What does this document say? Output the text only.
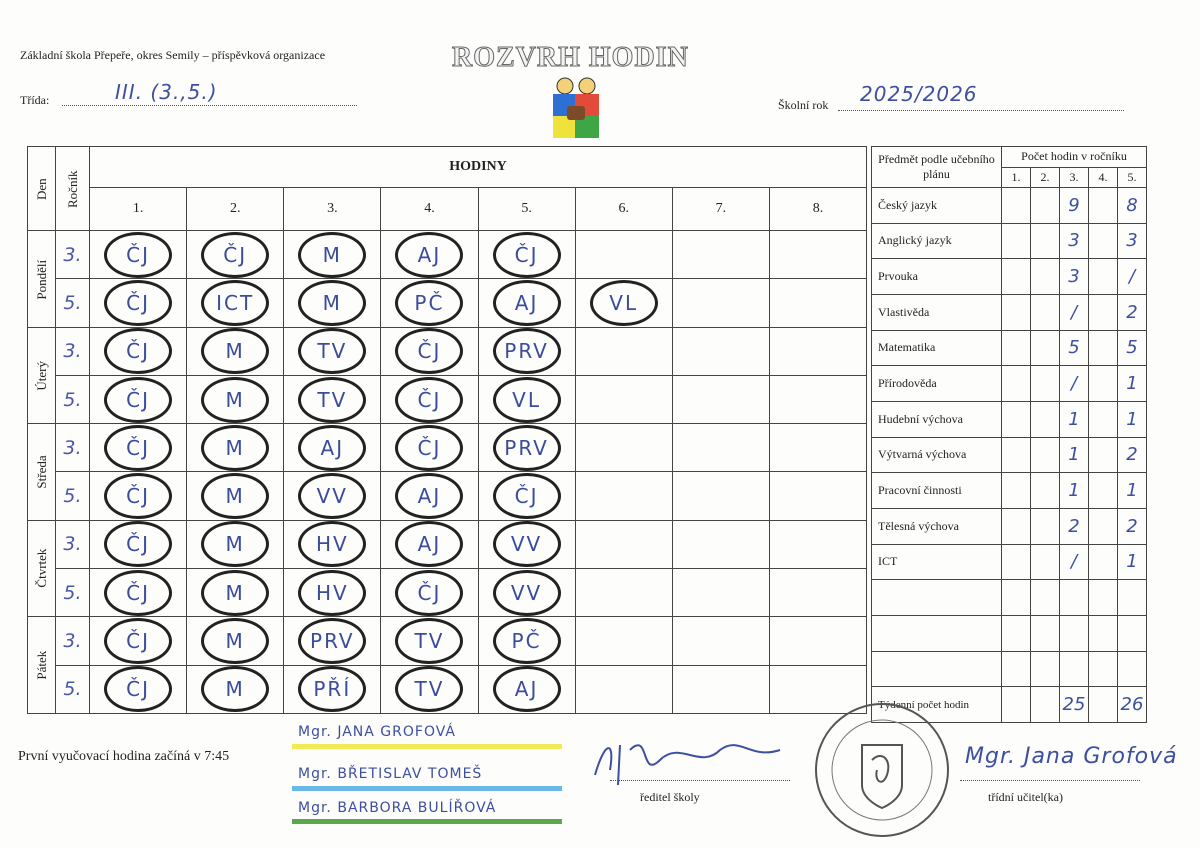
Základní škola Přepeře, okres Semily – příspěvková organizace
Třída:	III. (3.,5.)
ROZVRH HODIN
Školní rok 2025/2026
Den	Ročník	HODINY							
		1.	2.	3.	4.	5.	6.	7.	8.
Pondělí	3.	ČJ	ČJ	M	AJ	ČJ			
	5.	ČJ	ICT	M	PČ	AJ	VL		
Úterý	3.	ČJ	M	TV	ČJ	PRV			
	5.	ČJ	M	TV	ČJ	VL			
Středa	3.	ČJ	M	AJ	ČJ	PRV			
	5.	ČJ	M	VV	AJ	ČJ			
Čtvrtek	3.	ČJ	M	HV	AJ	VV			
	5.	ČJ	M	HV	ČJ	VV			
Pátek	3.	ČJ	M	PRV	TV	PČ			
	5.	ČJ	M	PŘÍ	TV	AJ			
Předmět podle učebního plánu	Počet hodin v ročníku				
	1.	2.	3.	4.	5.
Český jazyk			9		8
Anglický jazyk			3		3
Prvouka			3		/
Vlastivěda			/		2
Matematika			5		5
Přírodověda			/		1
Hudební výchova			1		1
Výtvarná výchova			1		2
Pracovní činnosti			1		1
Tělesná výchova			2		2
ICT			/		1

Týdenní počet hodin			25		26
První vyučovací hodina začíná v 7:45
Mgr. JANA GROFOVÁ
Mgr. BŘETISLAV TOMEŠ
Mgr. BARBORA BULÍŘOVÁ
ředitel školy
Mgr. Jana Grofová
třídní učitel(ka)
